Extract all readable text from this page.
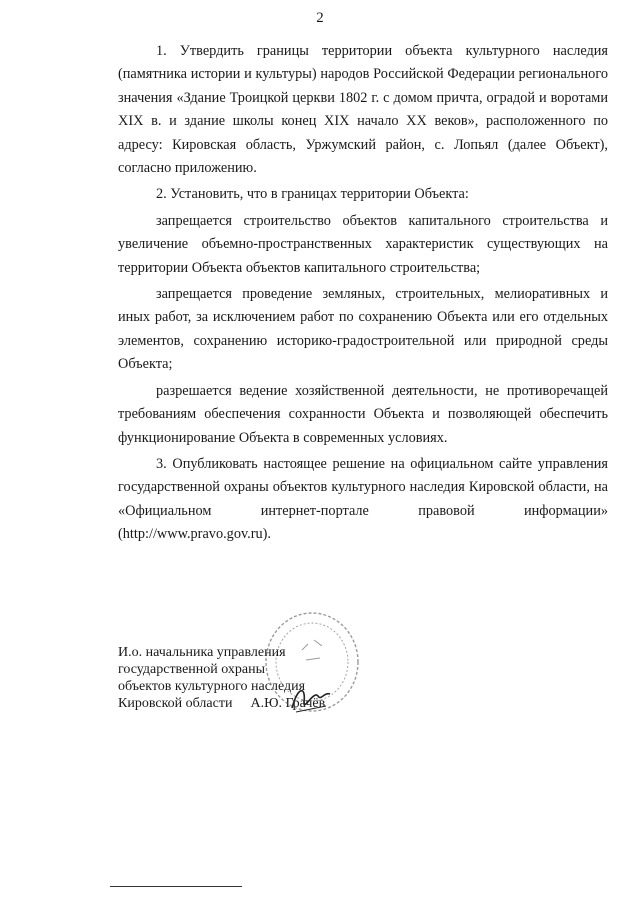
2

1. Утвердить границы территории объекта культурного наследия (памятника истории и культуры) народов Российской Федерации регионального значения «Здание Троицкой церкви 1802 г. с домом причта, оградой и воротами XIX в. и здание школы конец XIX начало XX веков», расположенного по адресу: Кировская область, Уржумский район, с. Лопьял (далее Объект), согласно приложению.

2. Установить, что в границах территории Объекта:

запрещается строительство объектов капитального строительства и увеличение объемно-пространственных характеристик существующих на территории Объекта объектов капитального строительства;

запрещается проведение земляных, строительных, мелиоративных и иных работ, за исключением работ по сохранению Объекта или его отдельных элементов, сохранению историко-градостроительной или природной среды Объекта;

разрешается ведение хозяйственной деятельности, не противоречащей требованиям обеспечения сохранности Объекта и позволяющей обеспечить функционирование Объекта в современных условиях.

3. Опубликовать настоящее решение на официальном сайте управления государственной охраны объектов культурного наследия Кировской области, на «Официальном интернет-портале правовой информации» (http://www.pravo.gov.ru).

И.о. начальника управления
государственной охраны
объектов культурного наследия
Кировской области А.Ю. Грачёв
